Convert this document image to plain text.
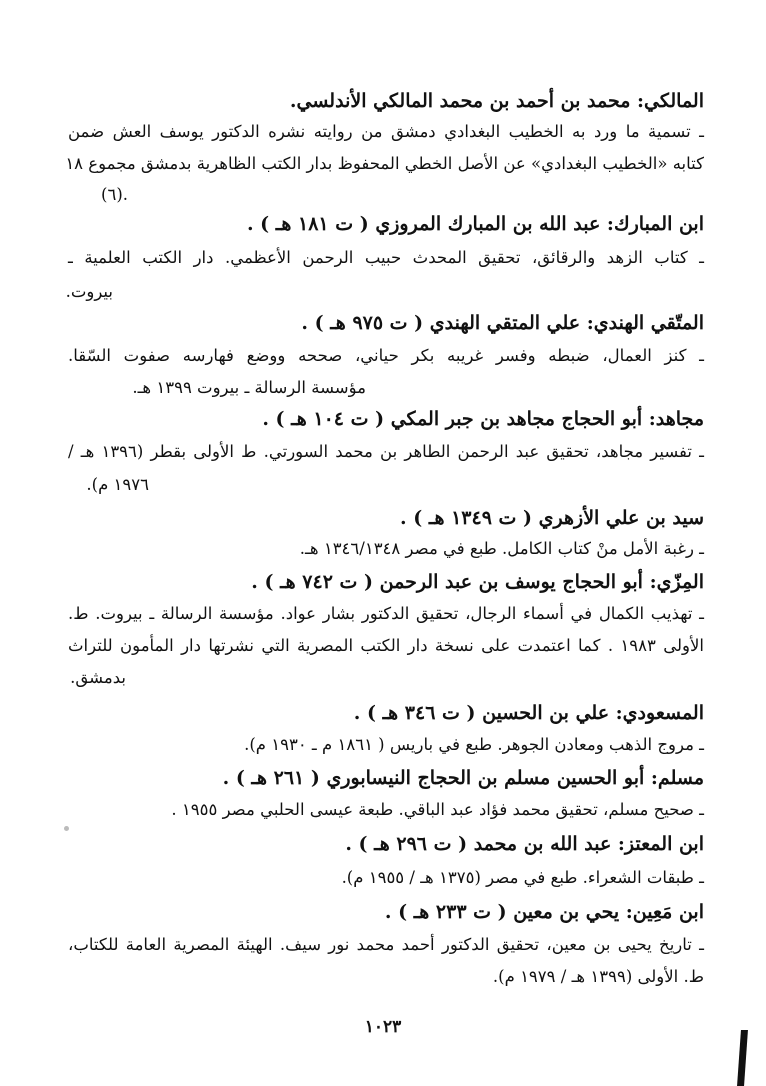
المالكي: محمد بن أحمد بن محمد المالكي الأندلسي.
ـ تسمية ما ورد به الخطيب البغدادي دمشق من روايته نشره الدكتور يوسف العش ضمن
كتابه «الخطيب البغدادي» عن الأصل الخطي المحفوظ بدار الكتب الظاهرية بدمشق مجموع ١٨
(٦).
ابن المبارك: عبد الله بن المبارك المروزي ( ت ١٨١ هـ ) .
ـ كتاب الزهد والرقائق، تحقيق المحدث حبيب الرحمن الأعظمي. دار الكتب العلمية ـ
بيروت.
المتّقي الهندي: علي المتقي الهندي ( ت ٩٧٥ هـ ) .
ـ كنز العمال، ضبطه وفسر غريبه بكر حياني، صححه ووضع فهارسه صفوت السّقا.
مؤسسة الرسالة ـ بيروت ١٣٩٩ هـ.
مجاهد: أبو الحجاج مجاهد بن جبر المكي ( ت ١٠٤ هـ ) .
ـ تفسير مجاهد، تحقيق عبد الرحمن الطاهر بن محمد السورتي. ط الأولى بقطر (١٣٩٦ هـ /
١٩٧٦ م).
سيد بن علي الأزهري ( ت ١٣٤٩ هـ ) .
ـ رغبة الأمل منْ كتاب الكامل. طبع في مصر ١٣٤٦/١٣٤٨ هـ.
المِزّي: أبو الحجاج يوسف بن عبد الرحمن ( ت ٧٤٢ هـ ) .
ـ تهذيب الكمال في أسماء الرجال، تحقيق الدكتور بشار عواد. مؤسسة الرسالة ـ بيروت. ط.
الأولى ١٩٨٣ . كما اعتمدت على نسخة دار الكتب المصرية التي نشرتها دار المأمون للتراث
بدمشق.
المسعودي: علي بن الحسين ( ت ٣٤٦ هـ ) .
ـ مروج الذهب ومعادن الجوهر. طبع في باريس ( ١٨٦١ م ـ ١٩٣٠ م).
مسلم: أبو الحسين مسلم بن الحجاج النيسابوري ( ٢٦١ هـ ) .
ـ صحيح مسلم، تحقيق محمد فؤاد عبد الباقي. طبعة عيسى الحلبي مصر ١٩٥٥ .
ابن المعتز: عبد الله بن محمد ( ت ٢٩٦ هـ ) .
ـ طبقات الشعراء. طبع في مصر (١٣٧٥ هـ / ١٩٥٥ م).
ابن مَعِين: يحي بن معين ( ت ٢٣٣ هـ ) .
ـ تاريخ يحيى بن معين، تحقيق الدكتور أحمد محمد نور سيف. الهيئة المصرية العامة للكتاب،
ط. الأولى (١٣٩٩ هـ / ١٩٧٩ م).
١٠٢٣
